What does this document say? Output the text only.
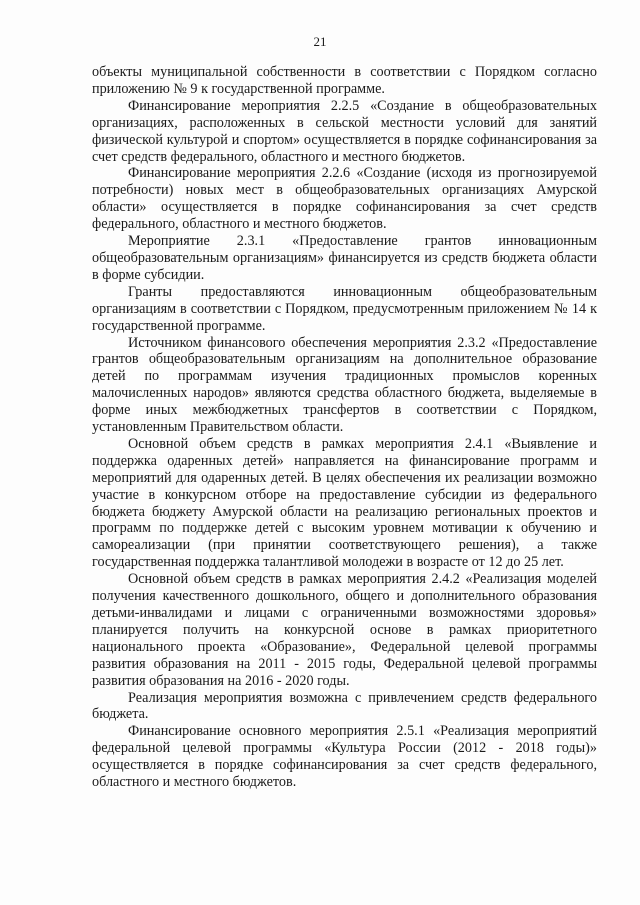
21

объекты муниципальной собственности в соответствии с Порядком согласно приложению № 9 к государственной программе.

Финансирование мероприятия 2.2.5 «Создание в общеобразовательных организациях, расположенных в сельской местности условий для занятий физической культурой и спортом» осуществляется в порядке софинансирования за счет средств федерального, областного и местного бюджетов.

Финансирование мероприятия 2.2.6 «Создание (исходя из прогнозируемой потребности) новых мест в общеобразовательных организациях Амурской области» осуществляется в порядке софинансирования за счет средств федерального, областного и местного бюджетов.

Мероприятие 2.3.1 «Предоставление грантов инновационным общеобразовательным организациям» финансируется из средств бюджета области в форме субсидии.

Гранты предоставляются инновационным общеобразовательным организациям в соответствии с Порядком, предусмотренным приложением № 14 к государственной программе.

Источником финансового обеспечения мероприятия 2.3.2 «Предоставление грантов общеобразовательным организациям на дополнительное образование детей по программам изучения традиционных промыслов коренных малочисленных народов» являются средства областного бюджета, выделяемые в форме иных межбюджетных трансфертов в соответствии с Порядком, установленным Правительством области.

Основной объем средств в рамках мероприятия 2.4.1 «Выявление и поддержка одаренных детей» направляется на финансирование программ и мероприятий для одаренных детей. В целях обеспечения их реализации возможно участие в конкурсном отборе на предоставление субсидии из федерального бюджета бюджету Амурской области на реализацию региональных проектов и программ по поддержке детей с высоким уровнем мотивации к обучению и самореализации (при принятии соответствующего решения), а также государственная поддержка талантливой молодежи в возрасте от 12 до 25 лет.

Основной объем средств в рамках мероприятия 2.4.2 «Реализация моделей получения качественного дошкольного, общего и дополнительного образования детьми-инвалидами и лицами с ограниченными возможностями здоровья» планируется получить на конкурсной основе в рамках приоритетного национального проекта «Образование», Федеральной целевой программы развития образования на 2011 - 2015 годы, Федеральной целевой программы развития образования на 2016 - 2020 годы.

Реализация мероприятия возможна с привлечением средств федерального бюджета.

Финансирование основного мероприятия 2.5.1 «Реализация мероприятий федеральной целевой программы «Культура России (2012 - 2018 годы)» осуществляется в порядке софинансирования за счет средств федерального, областного и местного бюджетов.
